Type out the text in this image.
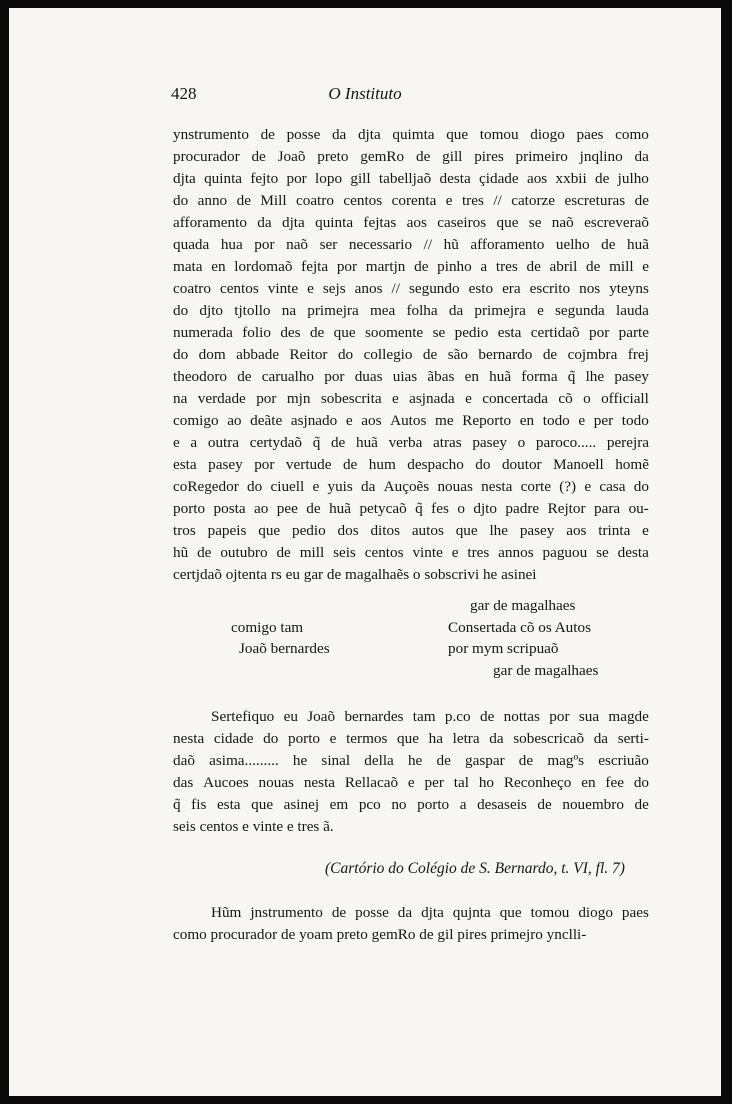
428	O Instituto
ynstrumento de posse da djta quimta que tomou diogo paes como
procurador de Joaõ preto gemRo de gill pires primeiro jnqlino da
djta quinta fejto por lopo gill tabelljaõ desta çidade aos xxbii de julho
do anno de Mill coatro centos corenta e tres // catorze escreturas de
afforamento da djta quinta fejtas aos caseiros que se naõ escreveraõ
quada hua por naõ ser necessario // hũ afforamento uelho de huã
mata en lordomaõ fejta por martjn de pinho a tres de abril de mill e
coatro centos vinte e sejs anos // segundo esto era escrito nos yteyns
do djto tjtollo na primejra mea folha da primejra e segunda lauda
numerada folio des de que soomente se pedio esta certidaõ por parte
do dom abbade Reitor do collegio de são bernardo de cojmbra frej
theodoro de carualho por duas uias ãbas en huã forma q̃ lhe pasey
na verdade por mjn sobescrita e asjnada e concertada cõ o officiall
comigo ao deãte asjnado e aos Autos me Reporto en todo e per todo
e a outra certydaõ q̃ de huã verba atras pasey o paroco..... perejra
esta pasey por vertude de hum despacho do doutor Manoell homẽ
coRegedor do ciuell e yuis da Auçoẽs nouas nesta corte (?) e casa do
porto posta ao pee de huã petycaõ q̃ fes o djto padre Rejtor para ou-
tros papeis que pedio dos ditos autos que lhe pasey aos trinta e
hũ de outubro de mill seis centos vinte e tres annos paguou se desta
certjdaõ ojtenta rs eu gar de magalhaẽs o sobscrivi he asinei
gar de magalhaes
comigo tam	Consertada cõ os Autos
Joaõ bernardes	por mym scripuaõ
gar de magalhaes
Sertefiquo eu Joaõ bernardes tam p.co de nottas por sua magde
nesta cidade do porto e termos que ha letra da sobescricaõ da serti-
daõ asima......... he sinal della he de gaspar de magºs escriuão
das Aucoes nouas nesta Rellacaõ e per tal ho Reconheço en fee do
q̃ fis esta que asinej em pco no porto a desaseis de nouembro de
seis centos e vinte e tres ã.
(Cartório do Colégio de S. Bernardo, t. VI, fl. 7)
Hũm jnstrumento de posse da djta qujnta que tomou diogo paes
como procurador de yoam preto gemRo de gil pires primejro ynclli-
